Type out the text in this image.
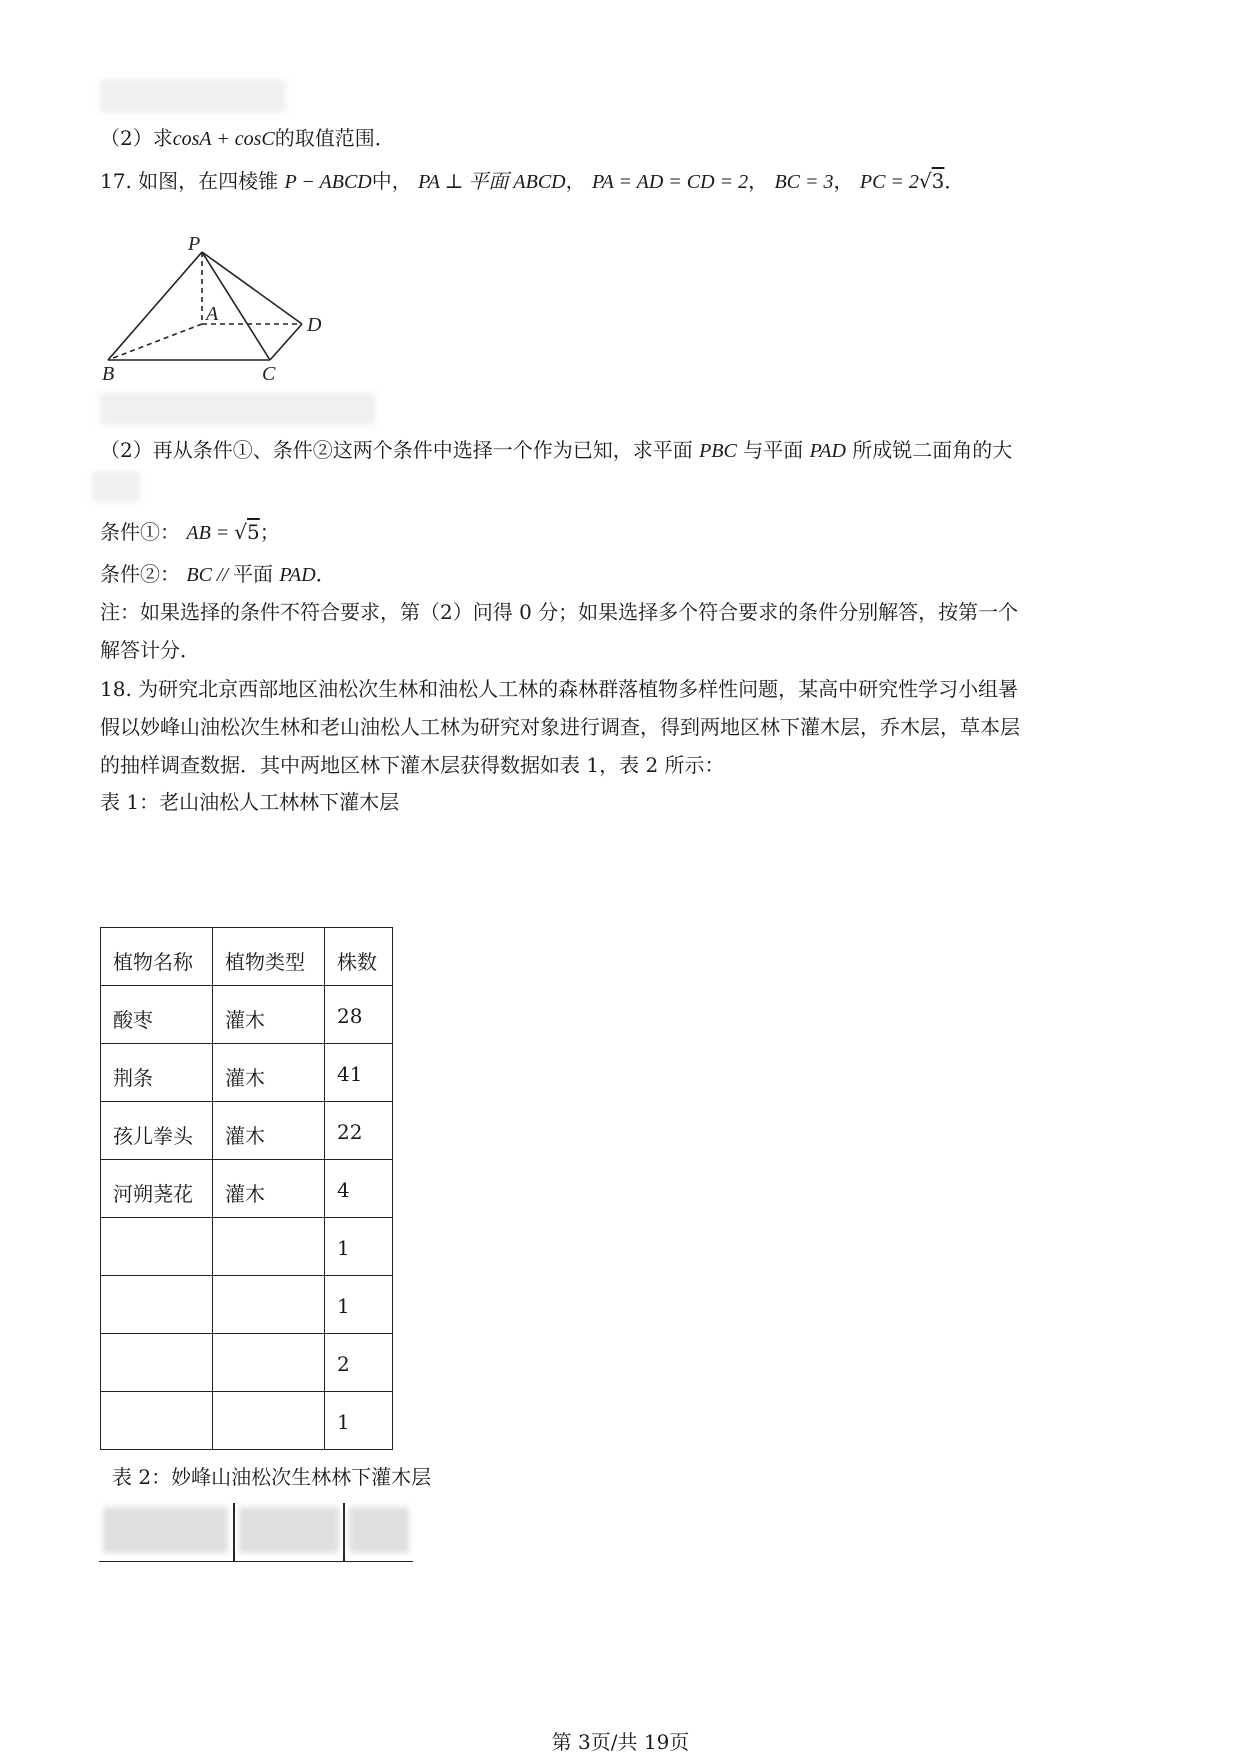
（2）求cosA + cosC的取值范围．
17. 如图，在四棱锥 P − ABCD中， PA ⊥ 平面 ABCD， PA = AD = CD = 2， BC = 3， PC = 2√3．
P
A
B	C
D
（2）再从条件①、条件②这两个条件中选择一个作为已知，求平面 PBC 与平面 PAD 所成锐二面角的大
条件①： AB = √5；
条件②： BC // 平面 PAD．
注：如果选择的条件不符合要求，第（2）问得 0 分；如果选择多个符合要求的条件分别解答，按第一个
解答计分．
18. 为研究北京西部地区油松次生林和油松人工林的森林群落植物多样性问题，某高中研究性学习小组暑
假以妙峰山油松次生林和老山油松人工林为研究对象进行调查，得到两地区林下灌木层，乔木层，草本层
的抽样调查数据．其中两地区林下灌木层获得数据如表 1，表 2 所示：
表 1：老山油松人工林林下灌木层
植物名称	植物类型	株数
酸枣	灌木	28
荆条	灌木	41
孩儿拳头	灌木	22
河朔荛花	灌木	4
		1
		1
		2
		1
表 2：妙峰山油松次生林林下灌木层
第 3页/共 19页
